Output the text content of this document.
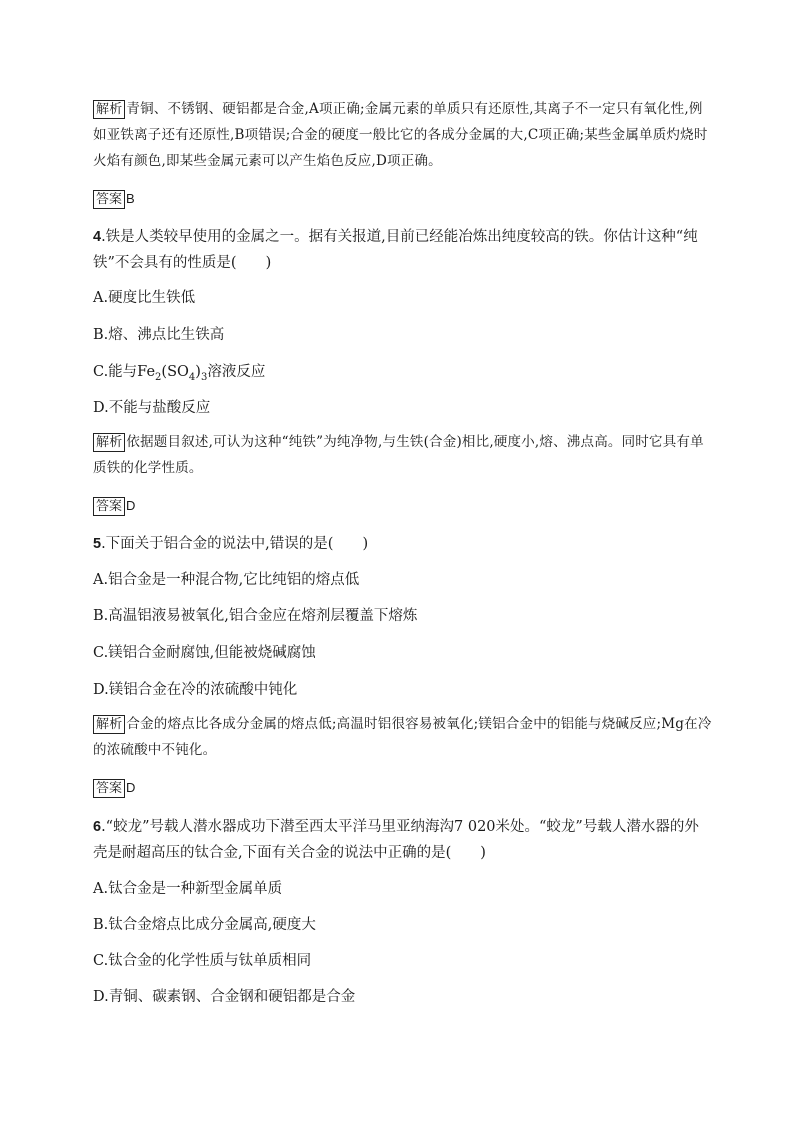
解析 青铜、不锈钢、硬铝都是合金,A项正确;金属元素的单质只有还原性,其离子不一定只有氧化性,例如亚铁离子还有还原性,B项错误;合金的硬度一般比它的各成分金属的大,C项正确;某些金属单质灼烧时火焰有颜色,即某些金属元素可以产生焰色反应,D项正确。
答案 B
4.铁是人类较早使用的金属之一。据有关报道,目前已经能冶炼出纯度较高的铁。你估计这种“纯铁”不会具有的性质是(　　)
A.硬度比生铁低
B.熔、沸点比生铁高
C.能与$Fe_2(SO_4)_3$溶液反应
D.不能与盐酸反应
解析 依据题目叙述,可认为这种“纯铁”为纯净物,与生铁(合金)相比,硬度小,熔、沸点高。同时它具有单质铁的化学性质。
答案 D
5.下面关于铝合金的说法中,错误的是(　　)
A.铝合金是一种混合物,它比纯铝的熔点低
B.高温铝液易被氧化,铝合金应在熔剂层覆盖下熔炼
C.镁铝合金耐腐蚀,但能被烧碱腐蚀
D.镁铝合金在冷的浓硫酸中钝化
解析 合金的熔点比各成分金属的熔点低;高温时铝很容易被氧化;镁铝合金中的铝能与烧碱反应;Mg在冷的浓硫酸中不钝化。
答案 D
6.“蛟龙”号载人潜水器成功下潜至西太平洋马里亚纳海沟7 020米处。“蛟龙”号载人潜水器的外壳是耐超高压的钛合金,下面有关合金的说法中正确的是(　　)
A.钛合金是一种新型金属单质
B.钛合金熔点比成分金属高,硬度大
C.钛合金的化学性质与钛单质相同
D.青铜、碳素钢、合金钢和硬铝都是合金
